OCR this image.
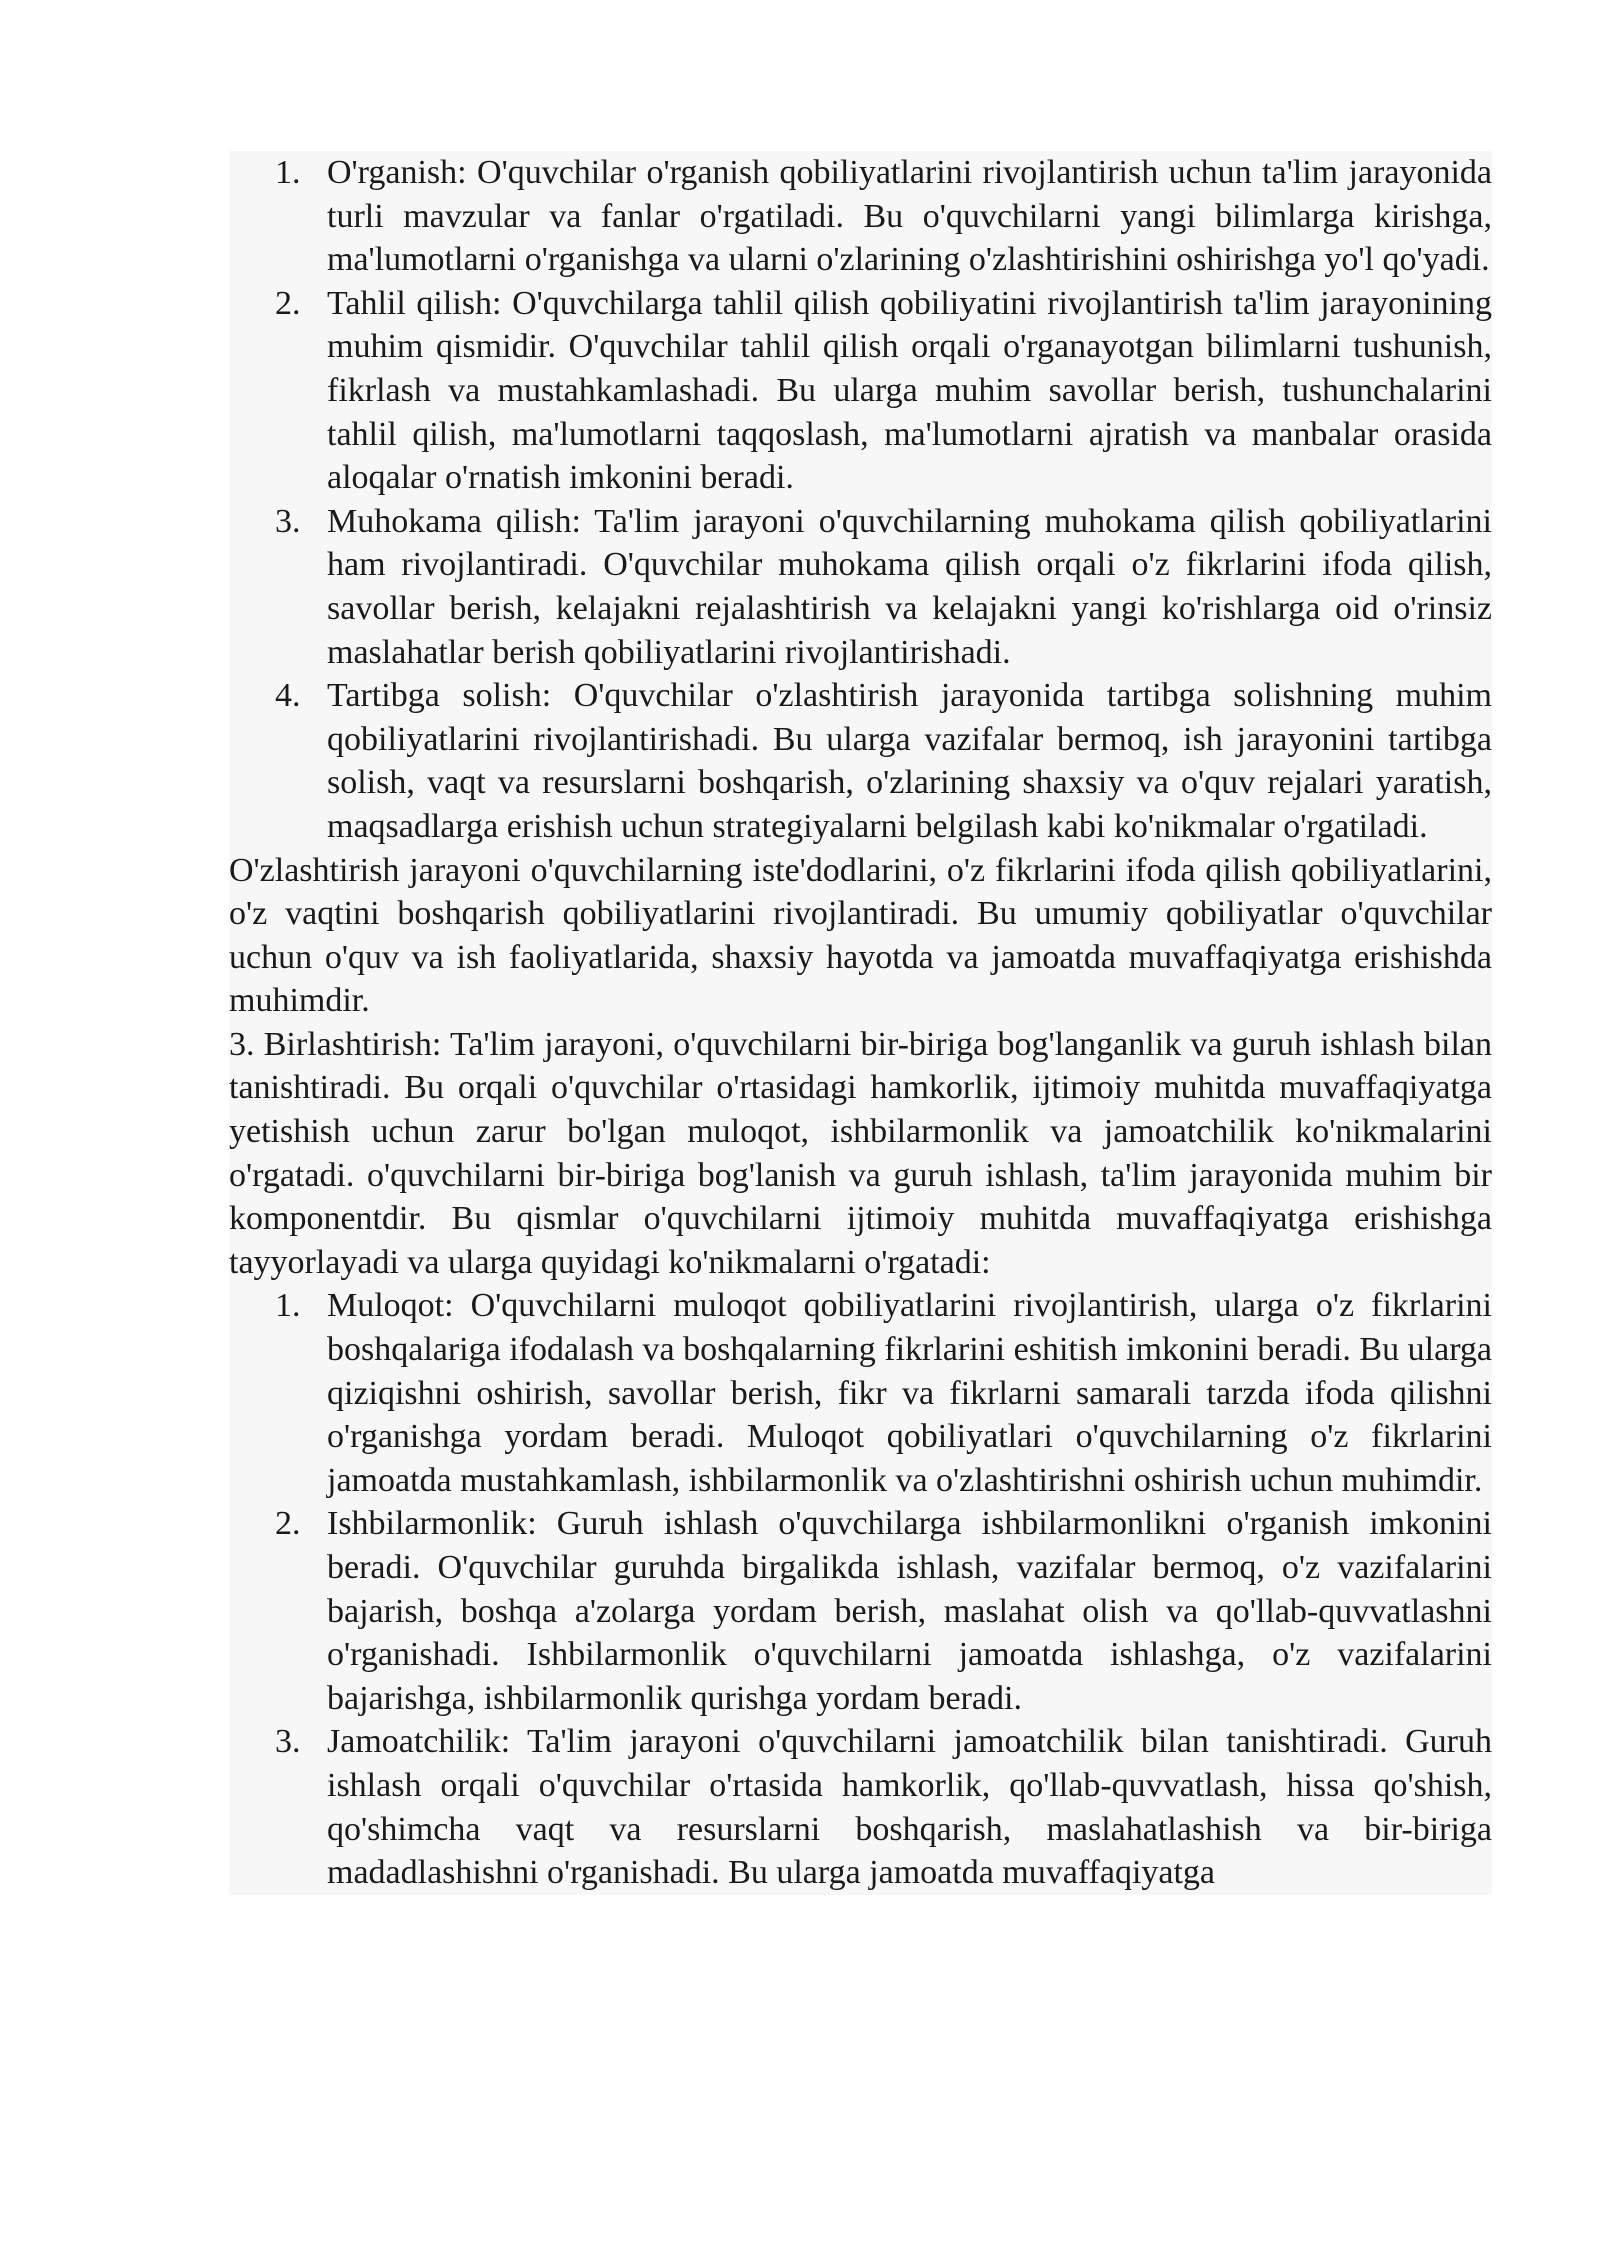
1. O'rganish: O'quvchilar o'rganish qobiliyatlarini rivojlantirish uchun ta'lim jarayonida turli mavzular va fanlar o'rgatiladi. Bu o'quvchilarni yangi bilimlarga kirishga, ma'lumotlarni o'rganishga va ularni o'zlarining o'zlashtirishini oshirishga yo'l qo'yadi.
2. Tahlil qilish: O'quvchilarga tahlil qilish qobiliyatini rivojlantirish ta'lim jarayonining muhim qismidir. O'quvchilar tahlil qilish orqali o'rganayotgan bilimlarni tushunish, fikrlash va mustahkamlashadi. Bu ularga muhim savollar berish, tushunchalarini tahlil qilish, ma'lumotlarni taqqoslash, ma'lumotlarni ajratish va manbalar orasida aloqalar o'rnatish imkonini beradi.
3. Muhokama qilish: Ta'lim jarayoni o'quvchilarning muhokama qilish qobiliyatlarini ham rivojlantiradi. O'quvchilar muhokama qilish orqali o'z fikrlarini ifoda qilish, savollar berish, kelajakni rejalashtirish va kelajakni yangi ko'rishlarga oid o'rinsiz maslahatlar berish qobiliyatlarini rivojlantirishadi.
4. Tartibga solish: O'quvchilar o'zlashtirish jarayonida tartibga solishning muhim qobiliyatlarini rivojlantirishadi. Bu ularga vazifalar bermoq, ish jarayonini tartibga solish, vaqt va resurslarni boshqarish, o'zlarining shaxsiy va o'quv rejalari yaratish, maqsadlarga erishish uchun strategiyalarni belgilash kabi ko'nikmalar o'rgatiladi.

O'zlashtirish jarayoni o'quvchilarning iste'dodlarini, o'z fikrlarini ifoda qilish qobiliyatlarini, o'z vaqtini boshqarish qobiliyatlarini rivojlantiradi. Bu umumiy qobiliyatlar o'quvchilar uchun o'quv va ish faoliyatlarida, shaxsiy hayotda va jamoatda muvaffaqiyatga erishishda muhimdir.

3. Birlashtirish: Ta'lim jarayoni, o'quvchilarni bir-biriga bog'langanlik va guruh ishlash bilan tanishtiradi. Bu orqali o'quvchilar o'rtasidagi hamkorlik, ijtimoiy muhitda muvaffaqiyatga yetishish uchun zarur bo'lgan muloqot, ishbilarmonlik va jamoatchilik ko'nikmalarini o'rgatadi. o'quvchilarni bir-biriga bog'lanish va guruh ishlash, ta'lim jarayonida muhim bir komponentdir. Bu qismlar o'quvchilarni ijtimoiy muhitda muvaffaqiyatga erishishga tayyorlayadi va ularga quyidagi ko'nikmalarni o'rgatadi:

1. Muloqot: O'quvchilarni muloqot qobiliyatlarini rivojlantirish, ularga o'z fikrlarini boshqalariga ifodalash va boshqalarning fikrlarini eshitish imkonini beradi. Bu ularga qiziqishni oshirish, savollar berish, fikr va fikrlarni samarali tarzda ifoda qilishni o'rganishga yordam beradi. Muloqot qobiliyatlari o'quvchilarning o'z fikrlarini jamoatda mustahkamlash, ishbilarmonlik va o'zlashtirishni oshirish uchun muhimdir.
2. Ishbilarmonlik: Guruh ishlash o'quvchilarga ishbilarmonlikni o'rganish imkonini beradi. O'quvchilar guruhda birgalikda ishlash, vazifalar bermoq, o'z vazifalarini bajarish, boshqa a'zolarga yordam berish, maslahat olish va qo'llab-quvvatlashni o'rganishadi. Ishbilarmonlik o'quvchilarni jamoatda ishlashga, o'z vazifalarini bajarishga, ishbilarmonlik qurishga yordam beradi.
3. Jamoatchilik: Ta'lim jarayoni o'quvchilarni jamoatchilik bilan tanishtiradi. Guruh ishlash orqali o'quvchilar o'rtasida hamkorlik, qo'llab-quvvatlash, hissa qo'shish, qo'shimcha vaqt va resurslarni boshqarish, maslahatlashish va bir-biriga madadlashishni o'rganishadi. Bu ularga jamoatda muvaffaqiyatga
